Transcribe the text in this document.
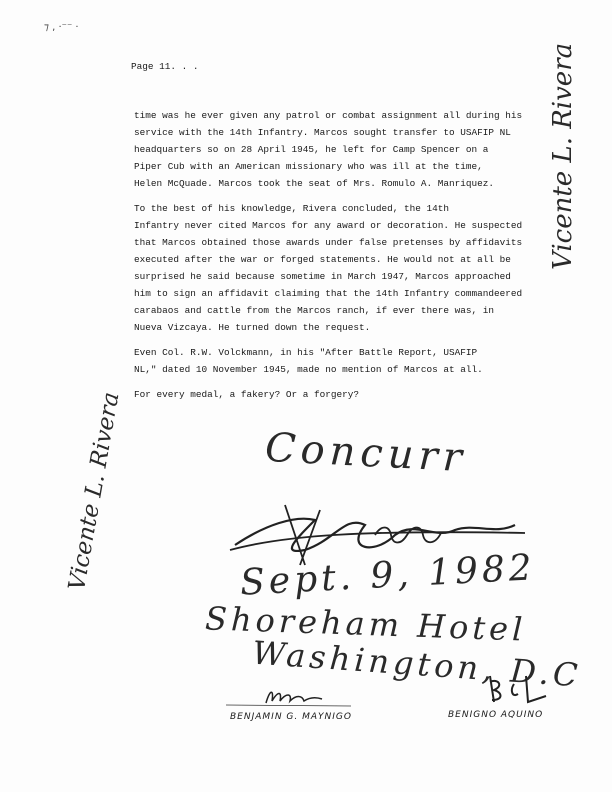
⁊ , ·⁻⁻ ·
Page 11. . .
time was he ever given any patrol or combat assignment all during his
service with the 14th Infantry. Marcos sought transfer to USAFIP NL
headquarters so on 28 April 1945, he left for Camp Spencer on a
Piper Cub with an American missionary who was ill at the time,
Helen McQuade. Marcos took the seat of Mrs. Romulo A. Manriquez.
To the best of his knowledge, Rivera concluded, the 14th
Infantry never cited Marcos for any award or decoration. He suspected
that Marcos obtained those awards under false pretenses by affidavits
executed after the war or forged statements. He would not at all be
surprised he said because sometime in March 1947, Marcos approached
him to sign an affidavit claiming that the 14th Infantry commandeered
carabaos and cattle from the Marcos ranch, if ever there was, in
Nueva Vizcaya. He turned down the request.
Even Col. R.W. Volckmann, in his "After Battle Report, USAFIP
NL," dated 10 November 1945, made no mention of Marcos at all.
For every medal, a fakery? Or a forgery?
Vicente L. Rivera
Vicente L. Rivera	Concurr
Sept. 9, 1982
Shoreham Hotel
Washington, D.C
BENJAMIN G. MAYNIGO	BENIGNO AQUINO
